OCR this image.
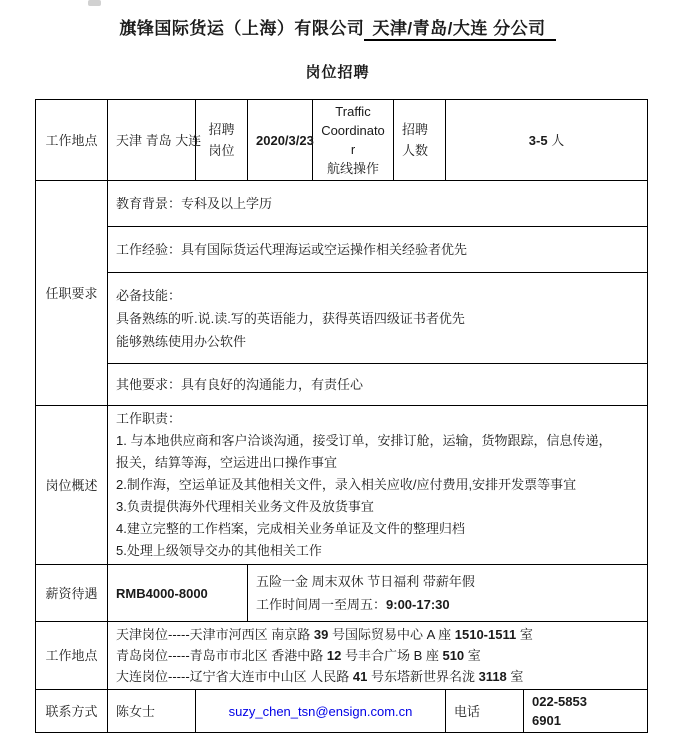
旗锋国际货运（上海）有限公司 天津/青岛/大连 分公司
岗位招聘
工作地点	天津 青岛 大连	招聘岗位	2020/3/23	Traffic
Coordinator
航线操作	招聘人数	3-5 人	
任职要求	教育背景：专科及以上学历						
	工作经验：具有国际货运代理海运或空运操作相关经验者优先						

	必备技能：
具备熟练的听.说.读.写的英语能力，获得英语四级证书者优先
能够熟练使用办公软件						

	其他要求：具有良好的沟通能力，有责任心						
岗位概述	
工作职责：
1. 与本地供应商和客户洽谈沟通，接受订单，安排订舱，运输，货物跟踪，信息传递，
报关，结算等海，空运进出口操作事宜
2.制作海，空运单证及其他相关文件，录入相关应收/应付费用,安排开发票等事宜
3.负责提供海外代理相关业务文件及放货事宜
4.建立完整的工作档案，完成相关业务单证及文件的整理归档
5.处理上级领导交办的其他相关工作

薪资待遇	RMB4000-8000		五险一金 周末双休 节日福利 带薪年假
工作时间周一至周五：9:00-17:30				

工作地点	天津岗位-----天津市河西区 南京路 39 号国际贸易中心 A 座 1510-1511 室
青岛岗位-----青岛市市北区 香港中路 12 号丰合广场 B 座 510 室
大连岗位-----辽宁省大连市中山区 人民路 41 号东塔新世界名泷 3118 室						

联系方式	陈女士	suzy_chen_tsn@ensign.com.cn				电话	022-5853
6901
